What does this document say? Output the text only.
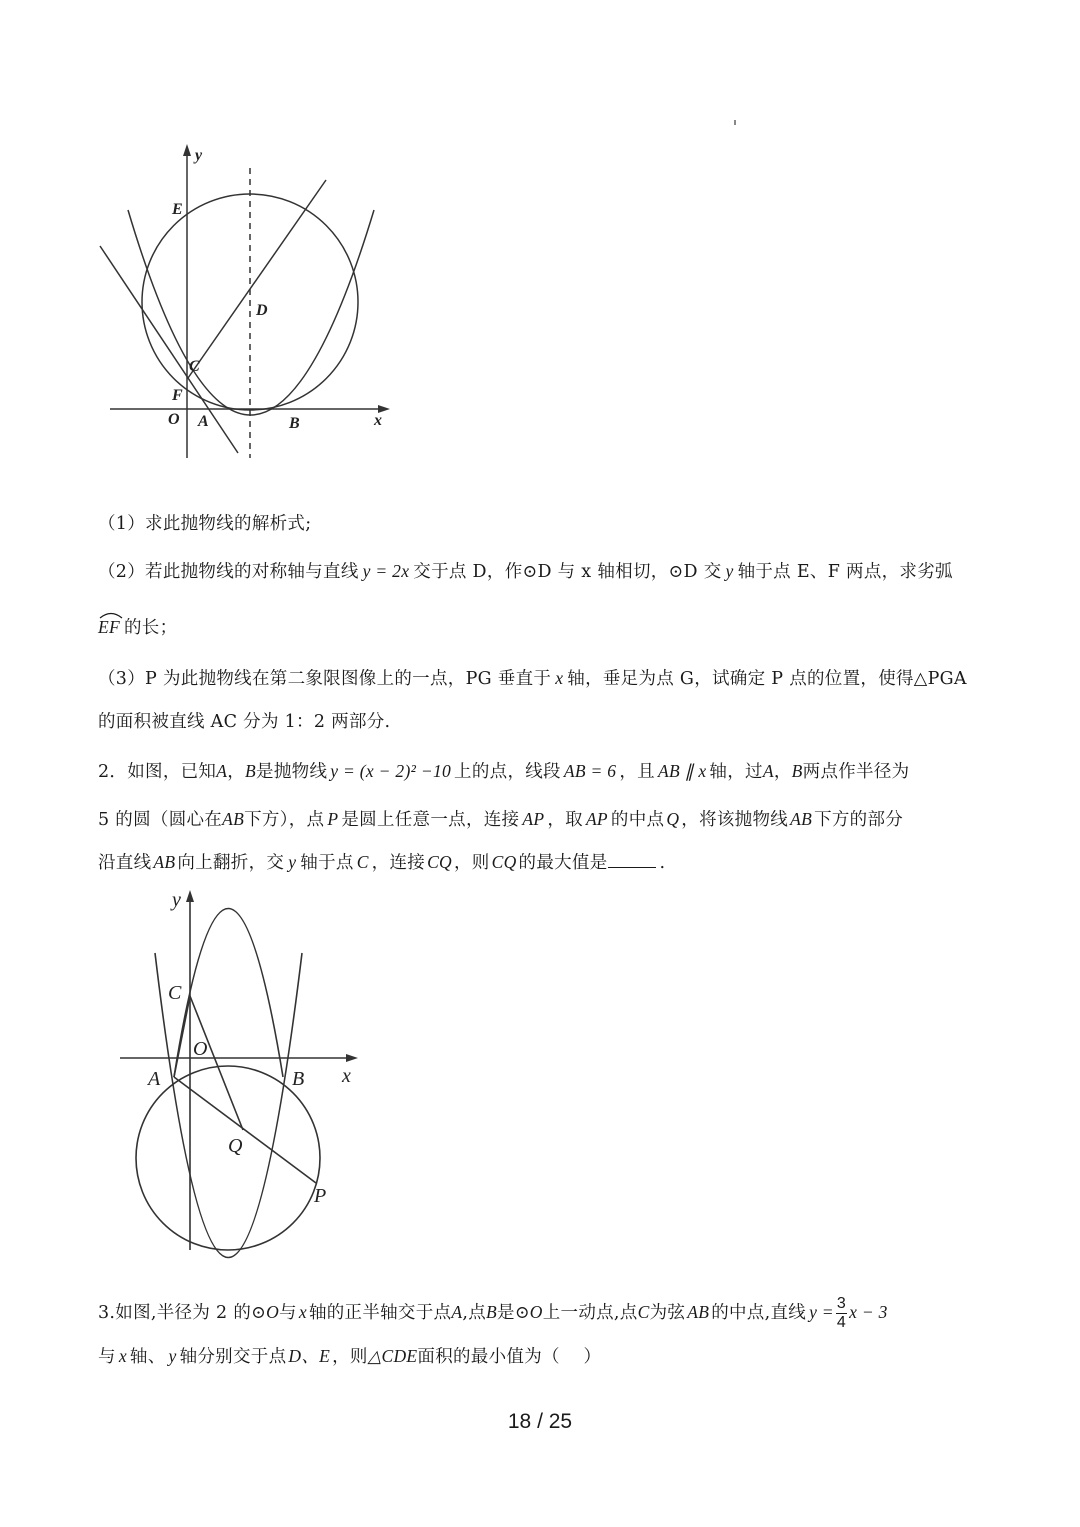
y
x
E
D
C
F
O A	B
（1）求此抛物线的解析式;
（2）若此抛物线的对称轴与直线 y = 2x 交于点 D，作⊙D 与 x 轴相切，⊙D 交 y 轴于点 E、F 两点，求劣弧
EF 的长；
（3）P 为此抛物线在第二象限图像上的一点，PG 垂直于 x 轴，垂足为点 G，试确定 P 点的位置，使得△PGA
的面积被直线 AC 分为 1：2 两部分.
2．如图，已知A，B是抛物线 y = (x − 2)² −10 上的点，线段 AB = 6 ，且 AB ∥ x 轴，过A，B两点作半径为
5 的圆（圆心在AB下方），点 P 是圆上任意一点，连接 AP ，取 AP 的中点 Q ，将该抛物线 AB 下方的部分
沿直线 AB 向上翻折，交 y 轴于点 C ，连接 CQ ，则 CQ 的最大值是	.
y
x
C
O
A	B
Q
P
3.如图,半径为 2 的⊙O与 x 轴的正半轴交于点A,点B是⊙O上一动点,点C为弦 AB 的中点,直线 $y = \frac{3}{4}$ x − 3
与 x 轴、 y 轴分别交于点 D、E ，则△CDE面积的最小值为（　 ）
18 / 25
